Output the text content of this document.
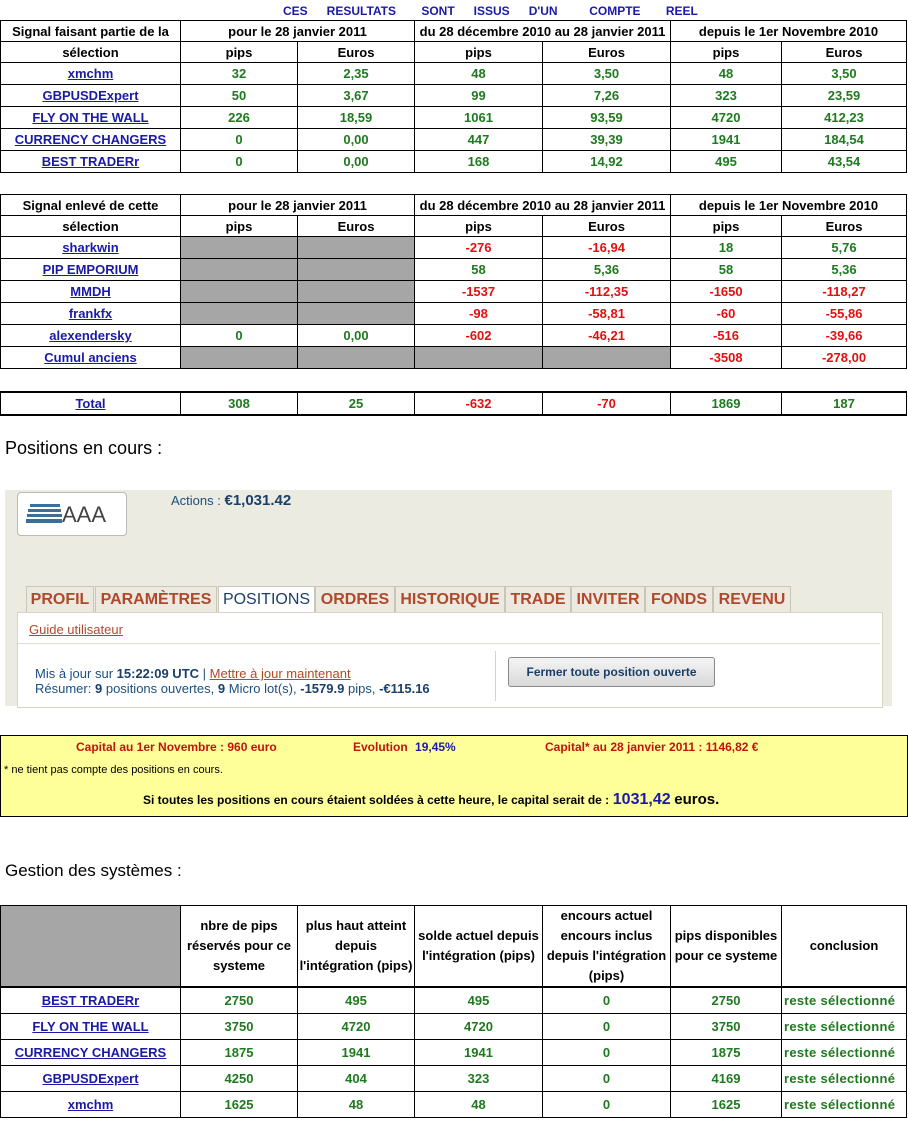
CES   RESULTATS    SONT   ISSUS   D'UN     COMPTE    REEL
Signal faisant partie de la	pour le 28 janvier 2011		du 28 décembre 2010 au 28 janvier 2011		depuis le 1er Novembre 2010	
sélection	pips	Euros	pips	Euros	pips	Euros
xmchm	32	2,35	48	3,50	48	3,50
GBPUSDExpert	50	3,67	99	7,26	323	23,59
FLY ON THE WALL	226	18,59	1061	93,59	4720	412,23
CURRENCY CHANGERS	0	0,00	447	39,39	1941	184,54
BEST TRADERr	0	0,00	168	14,92	495	43,54
Signal enlevé de cette	pour le 28 janvier 2011		du 28 décembre 2010 au 28 janvier 2011		depuis le 1er Novembre 2010	
sélection	pips	Euros	pips	Euros	pips	Euros
sharkwin			-276	-16,94	18	5,76
PIP EMPORIUM			58	5,36	58	5,36
MMDH			-1537	-112,35	-1650	-118,27
frankfx			-98	-58,81	-60	-55,86
alexendersky	0	0,00	-602	-46,21	-516	-39,66
Cumul anciens					-3508	-278,00
Total	308	25	-632	-70	1869	187
Positions en cours :
AAA
Actions : €1,031.42
PROFIL PARAMÈTRES POSITIONS ORDRES HISTORIQUE TRADE INVITER FONDS REVENU
Guide utilisateur
Mis à jour sur 15:22:09 UTC | Mettre à jour maintenant
Résumer: 9 positions ouvertes, 9 Micro lot(s), -1579.9 pips, -€115.16
Fermer toute position ouverte
Capital au 1er Novembre : 960 euro	Evolution 19,45%	Capital* au 28 janvier 2011 : 1146,82 €
* ne tient pas compte des positions en cours.
Si toutes les positions en cours étaient soldées à cette heure, le capital serait de : 1031,42 euros.
Gestion des systèmes :
	nbre de pips réservés pour ce systeme	plus haut atteint depuis l'intégration (pips)	solde actuel depuis l'intégration (pips)	encours actuel encours inclus depuis l'intégration (pips)	pips disponibles pour ce systeme	conclusion
BEST TRADERr	2750	495	495	0	2750	reste sélectionné
FLY ON THE WALL	3750	4720	4720	0	3750	reste sélectionné
CURRENCY CHANGERS	1875	1941	1941	0	1875	reste sélectionné
GBPUSDExpert	4250	404	323	0	4169	reste sélectionné
xmchm	1625	48	48	0	1625	reste sélectionné
